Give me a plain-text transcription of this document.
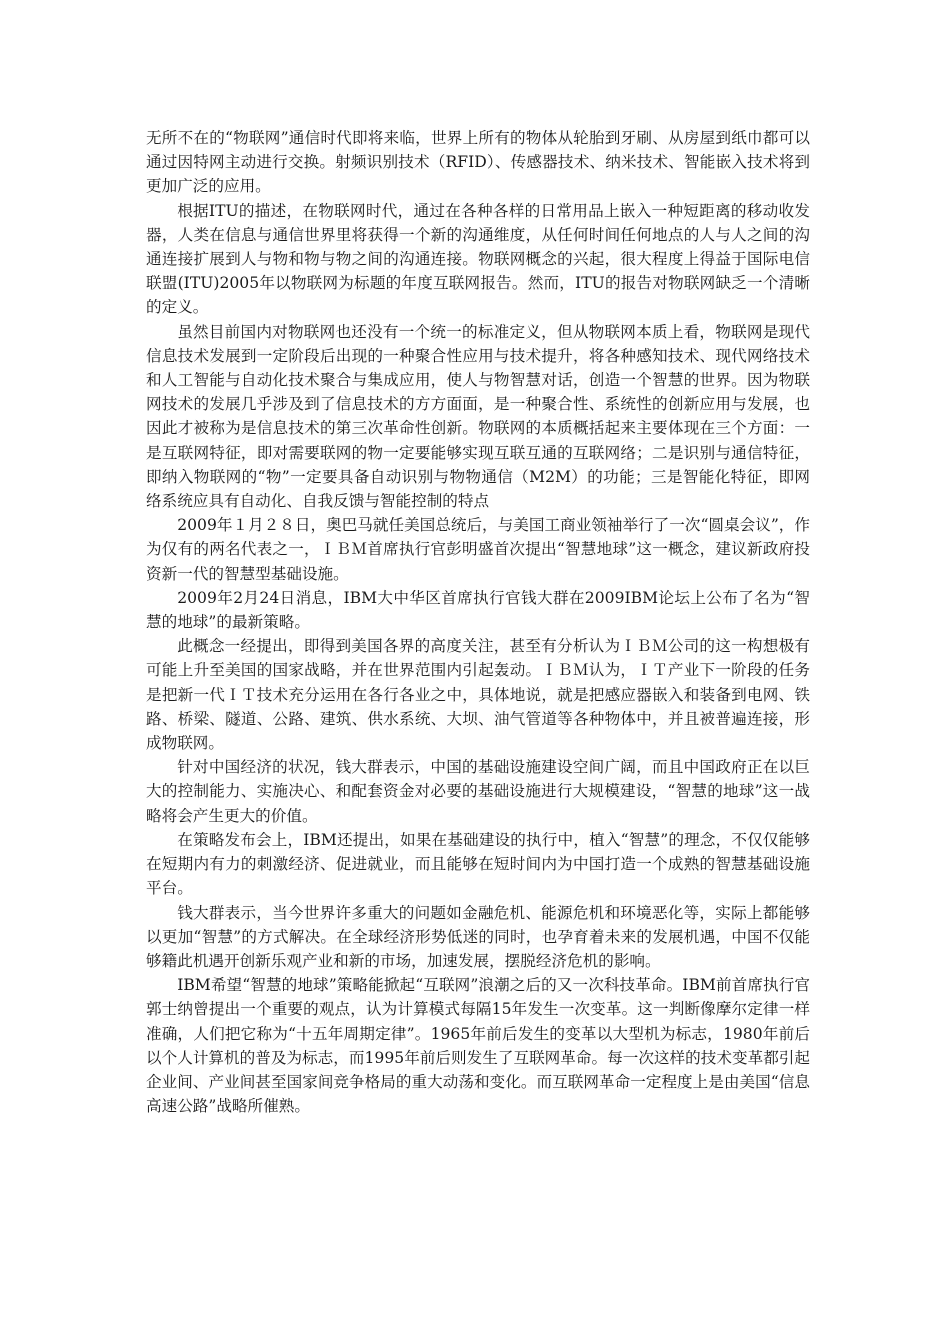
无所不在的“物联网”通信时代即将来临，世界上所有的物体从轮胎到牙刷、从房屋到纸巾都可以通过因特网主动进行交换。射频识别技术（RFID）、传感器技术、纳米技术、智能嵌入技术将到更加广泛的应用。

根据ITU的描述，在物联网时代，通过在各种各样的日常用品上嵌入一种短距离的移动收发器，人类在信息与通信世界里将获得一个新的沟通维度，从任何时间任何地点的人与人之间的沟通连接扩展到人与物和物与物之间的沟通连接。物联网概念的兴起，很大程度上得益于国际电信联盟(ITU)2005年以物联网为标题的年度互联网报告。然而，ITU的报告对物联网缺乏一个清晰的定义。

虽然目前国内对物联网也还没有一个统一的标准定义，但从物联网本质上看，物联网是现代信息技术发展到一定阶段后出现的一种聚合性应用与技术提升，将各种感知技术、现代网络技术和人工智能与自动化技术聚合与集成应用，使人与物智慧对话，创造一个智慧的世界。因为物联网技术的发展几乎涉及到了信息技术的方方面面，是一种聚合性、系统性的创新应用与发展，也因此才被称为是信息技术的第三次革命性创新。物联网的本质概括起来主要体现在三个方面：一是互联网特征，即对需要联网的物一定要能够实现互联互通的互联网络；二是识别与通信特征，即纳入物联网的“物”一定要具备自动识别与物物通信（M2M）的功能；三是智能化特征，即网络系统应具有自动化、自我反馈与智能控制的特点

2009年１月２８日，奥巴马就任美国总统后，与美国工商业领袖举行了一次“圆桌会议”，作为仅有的两名代表之一，ＩＢＭ首席执行官彭明盛首次提出“智慧地球”这一概念，建议新政府投资新一代的智慧型基础设施。

2009年2月24日消息，IBM大中华区首席执行官钱大群在2009IBM论坛上公布了名为“智慧的地球”的最新策略。

此概念一经提出，即得到美国各界的高度关注，甚至有分析认为ＩＢＭ公司的这一构想极有可能上升至美国的国家战略，并在世界范围内引起轰动。ＩＢＭ认为，ＩＴ产业下一阶段的任务是把新一代ＩＴ技术充分运用在各行各业之中，具体地说，就是把感应器嵌入和装备到电网、铁路、桥梁、隧道、公路、建筑、供水系统、大坝、油气管道等各种物体中，并且被普遍连接，形成物联网。

针对中国经济的状况，钱大群表示，中国的基础设施建设空间广阔，而且中国政府正在以巨大的控制能力、实施决心、和配套资金对必要的基础设施进行大规模建设，“智慧的地球”这一战略将会产生更大的价值。

在策略发布会上，IBM还提出，如果在基础建设的执行中，植入“智慧”的理念，不仅仅能够在短期内有力的刺激经济、促进就业，而且能够在短时间内为中国打造一个成熟的智慧基础设施平台。

钱大群表示，当今世界许多重大的问题如金融危机、能源危机和环境恶化等，实际上都能够以更加“智慧”的方式解决。在全球经济形势低迷的同时，也孕育着未来的发展机遇，中国不仅能够籍此机遇开创新乐观产业和新的市场，加速发展，摆脱经济危机的影响。

IBM希望“智慧的地球”策略能掀起“互联网”浪潮之后的又一次科技革命。IBM前首席执行官郭士纳曾提出一个重要的观点，认为计算模式每隔15年发生一次变革。这一判断像摩尔定律一样准确，人们把它称为“十五年周期定律”。1965年前后发生的变革以大型机为标志，1980年前后以个人计算机的普及为标志，而1995年前后则发生了互联网革命。每一次这样的技术变革都引起企业间、产业间甚至国家间竞争格局的重大动荡和变化。而互联网革命一定程度上是由美国“信息高速公路”战略所催熟。
